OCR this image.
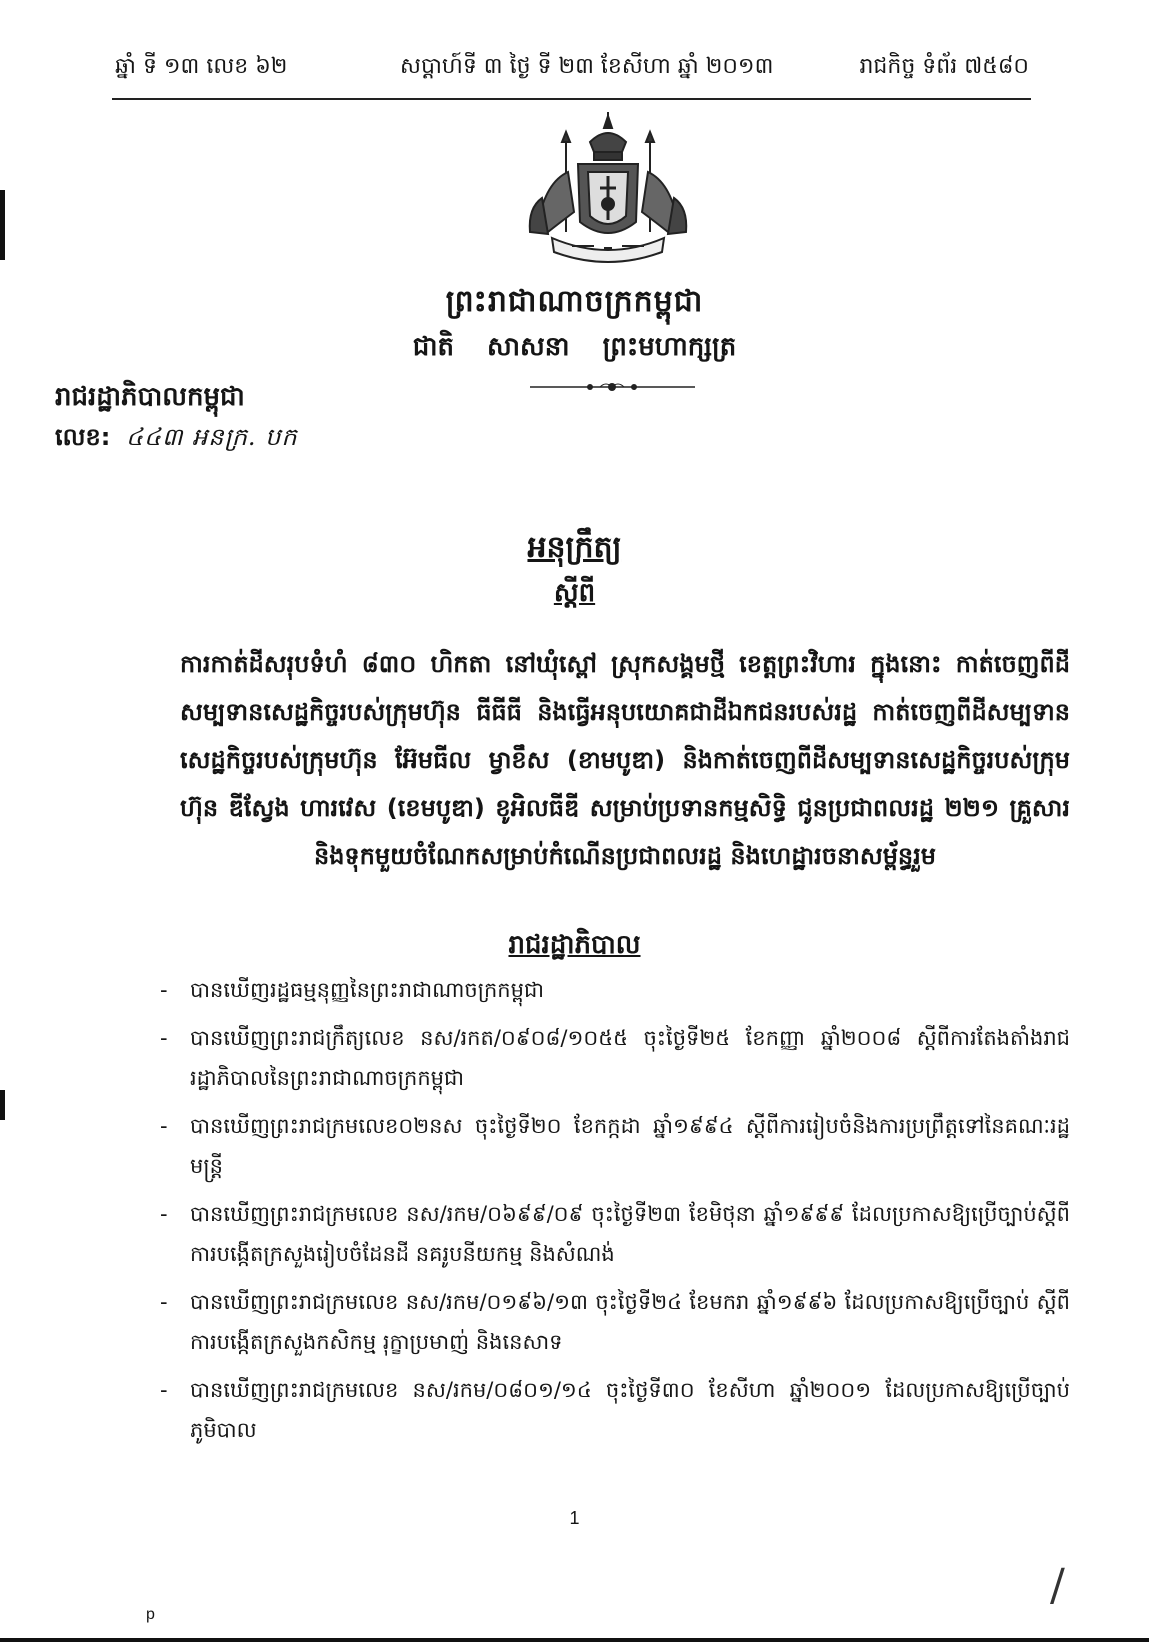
ឆ្នាំ ទី ១៣ លេខ ៦២	សប្តាហ៍ទី ៣ ថ្ងៃ ទី ២៣ ខែសីហា ឆ្នាំ ២០១៣	រាជកិច្ច ទំព័រ ៧៥៨០
ព្រះរាជាណាចក្រកម្ពុជា
ជាតិ សាសនា ព្រះមហាក្សត្រ
រាជរដ្ឋាភិបាលកម្ពុជា
លេខ: ៤៤៣ អនក្រ. បក
អនុក្រឹត្យ
ស្តីពី
ការកាត់ដីសរុបទំហំ ៨៣០ ហិកតា នៅឃុំស្ពៅ ស្រុកសង្គមថ្មី ខេត្តព្រះវិហារ ក្នុងនោះ កាត់ចេញពីដីសម្បទានសេដ្ឋកិច្ចរបស់ក្រុមហ៊ុន ធីធីធី និងធ្វើអនុបយោគជាដីឯកជនរបស់រដ្ឋ កាត់ចេញពីដីសម្បទានសេដ្ឋកិច្ចរបស់ក្រុមហ៊ុន អ៊ែមធីល ម្វាខឹស (ខាមបូឌា) និងកាត់ចេញពីដីសម្បទានសេដ្ឋកិច្ចរបស់ក្រុមហ៊ុន ឌីស្វែង ហារវេស (ខេមបូឌា) ខូអិលធីឌី សម្រាប់ប្រទានកម្មសិទ្ធិ ជូនប្រជាពលរដ្ឋ ២២១ គ្រួសារ និងទុកមួយចំណែកសម្រាប់កំណើនប្រជាពលរដ្ឋ និងហេដ្ឋារចនាសម្ព័ន្ធរួម
រាជរដ្ឋាភិបាល
- បានឃើញរដ្ឋធម្មនុញ្ញនៃព្រះរាជាណាចក្រកម្ពុជា
- បានឃើញព្រះរាជក្រឹត្យលេខ នស/រកត/០៩០៨/១០៥៥ ចុះថ្ងៃទី២៥ ខែកញ្ញា ឆ្នាំ២០០៨ ស្តីពីការតែងតាំងរាជរដ្ឋាភិបាលនៃព្រះរាជាណាចក្រកម្ពុជា
- បានឃើញព្រះរាជក្រមលេខ០២នស ចុះថ្ងៃទី២០ ខែកក្កដា ឆ្នាំ១៩៩៤ ស្តីពីការរៀបចំនិងការប្រព្រឹត្តទៅនៃគណៈរដ្ឋមន្ត្រី
- បានឃើញព្រះរាជក្រមលេខ នស/រកម/០៦៩៩/០៩ ចុះថ្ងៃទី២៣ ខែមិថុនា ឆ្នាំ១៩៩៩ ដែលប្រកាសឱ្យប្រើច្បាប់ស្តីពីការបង្កើតក្រសួងរៀបចំដែនដី នគរូបនីយកម្ម និងសំណង់
- បានឃើញព្រះរាជក្រមលេខ នស/រកម/០១៩៦/១៣ ចុះថ្ងៃទី២៤ ខែមករា ឆ្នាំ១៩៩៦ ដែលប្រកាសឱ្យប្រើច្បាប់ ស្តីពីការបង្កើតក្រសួងកសិកម្ម រុក្ខាប្រមាញ់ និងនេសាទ
- បានឃើញព្រះរាជក្រមលេខ នស/រកម/០៨០១/១៤ ចុះថ្ងៃទី៣០ ខែសីហា ឆ្នាំ២០០១ ដែលប្រកាសឱ្យប្រើច្បាប់ភូមិបាល
1
p
/
